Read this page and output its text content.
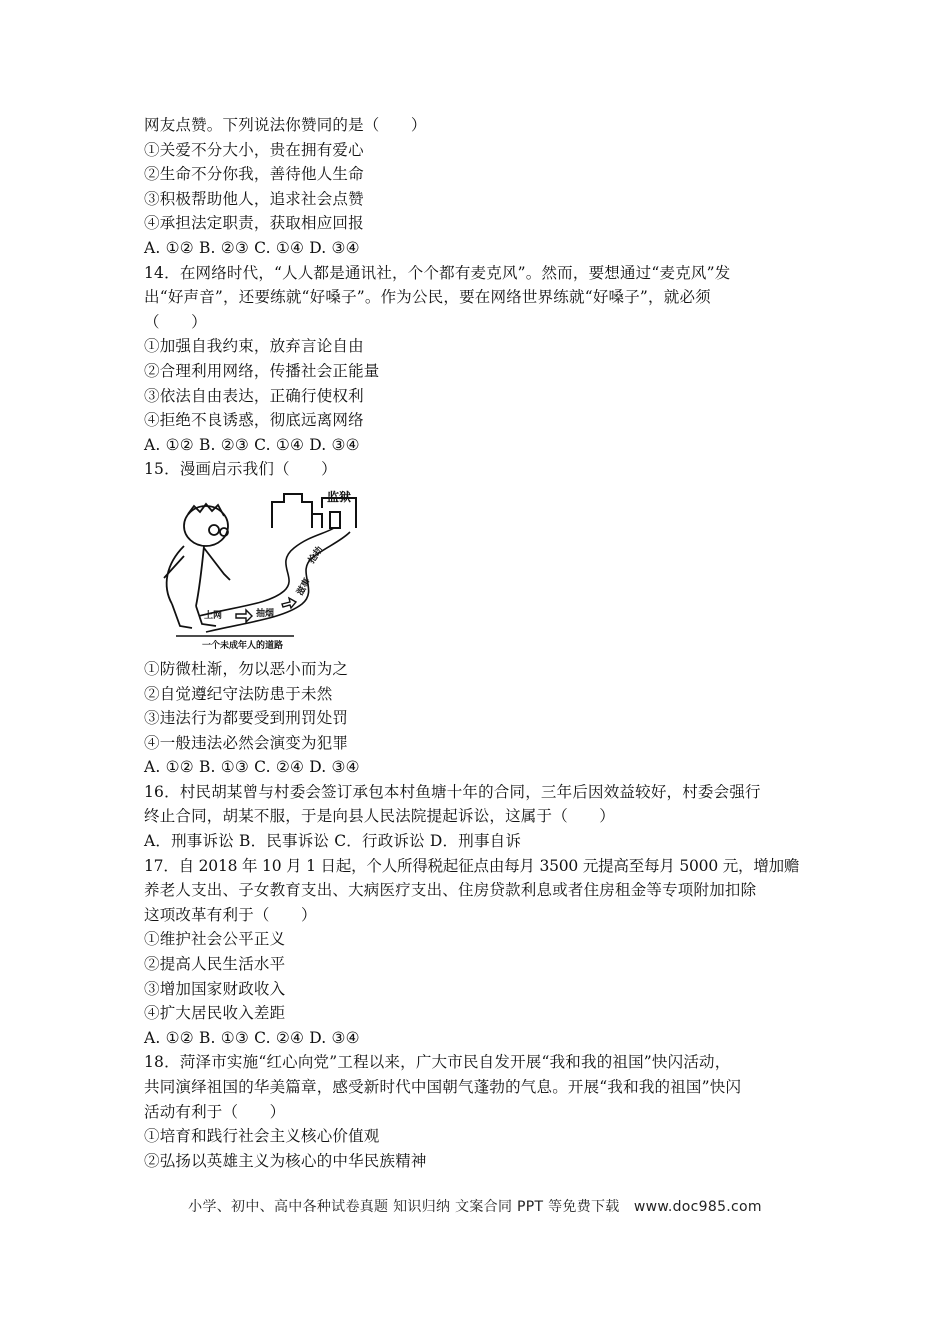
网友点赞。下列说法你赞同的是（　　）
①关爱不分大小，贵在拥有爱心
②生命不分你我，善待他人生命
③积极帮助他人，追求社会点赞
④承担法定职责，获取相应回报
A. ①② B. ②③ C. ①④ D. ③④
14．在网络时代，“人人都是通讯社，个个都有麦克风”。然而，要想通过“麦克风”发
出“好声音”，还要练就“好嗓子”。作为公民，要在网络世界练就“好嗓子”，就必须
（　　）
①加强自我约束，放弃言论自由
②合理利用网络，传播社会正能量
③依法自由表达，正确行使权利
④拒绝不良诱惑，彻底远离网络
A. ①② B. ②③ C. ①④ D. ③④
15．漫画启示我们（　　）
监狱
上网	抽烟
滋事
抢劫
一个未成年人的道路
①防微杜渐，勿以恶小而为之
②自觉遵纪守法防患于未然
③违法行为都要受到刑罚处罚
④一般违法必然会演变为犯罪
A. ①② B. ①③ C. ②④ D. ③④
16．村民胡某曾与村委会签订承包本村鱼塘十年的合同，三年后因效益较好，村委会强行
终止合同，胡某不服，于是向县人民法院提起诉讼，这属于（　　）
A．刑事诉讼 B．民事诉讼 C．行政诉讼 D．刑事自诉
17．自 2018 年 10 月 1 日起，个人所得税起征点由每月 3500 元提高至每月 5000 元，增加赡
养老人支出、子女教育支出、大病医疗支出、住房贷款利息或者住房租金等专项附加扣除
这项改革有利于（　　）
①维护社会公平正义
②提高人民生活水平
③增加国家财政收入
④扩大居民收入差距
A. ①② B. ①③ C. ②④ D. ③④
18．菏泽市实施“红心向党”工程以来，广大市民自发开展“我和我的祖国”快闪活动，
共同演绎祖国的华美篇章，感受新时代中国朝气蓬勃的气息。开展“我和我的祖国”快闪
活动有利于（　　）
①培育和践行社会主义核心价值观
②弘扬以英雄主义为核心的中华民族精神
小学、初中、高中各种试卷真题 知识归纳 文案合同 PPT 等免费下载　www.doc985.com
